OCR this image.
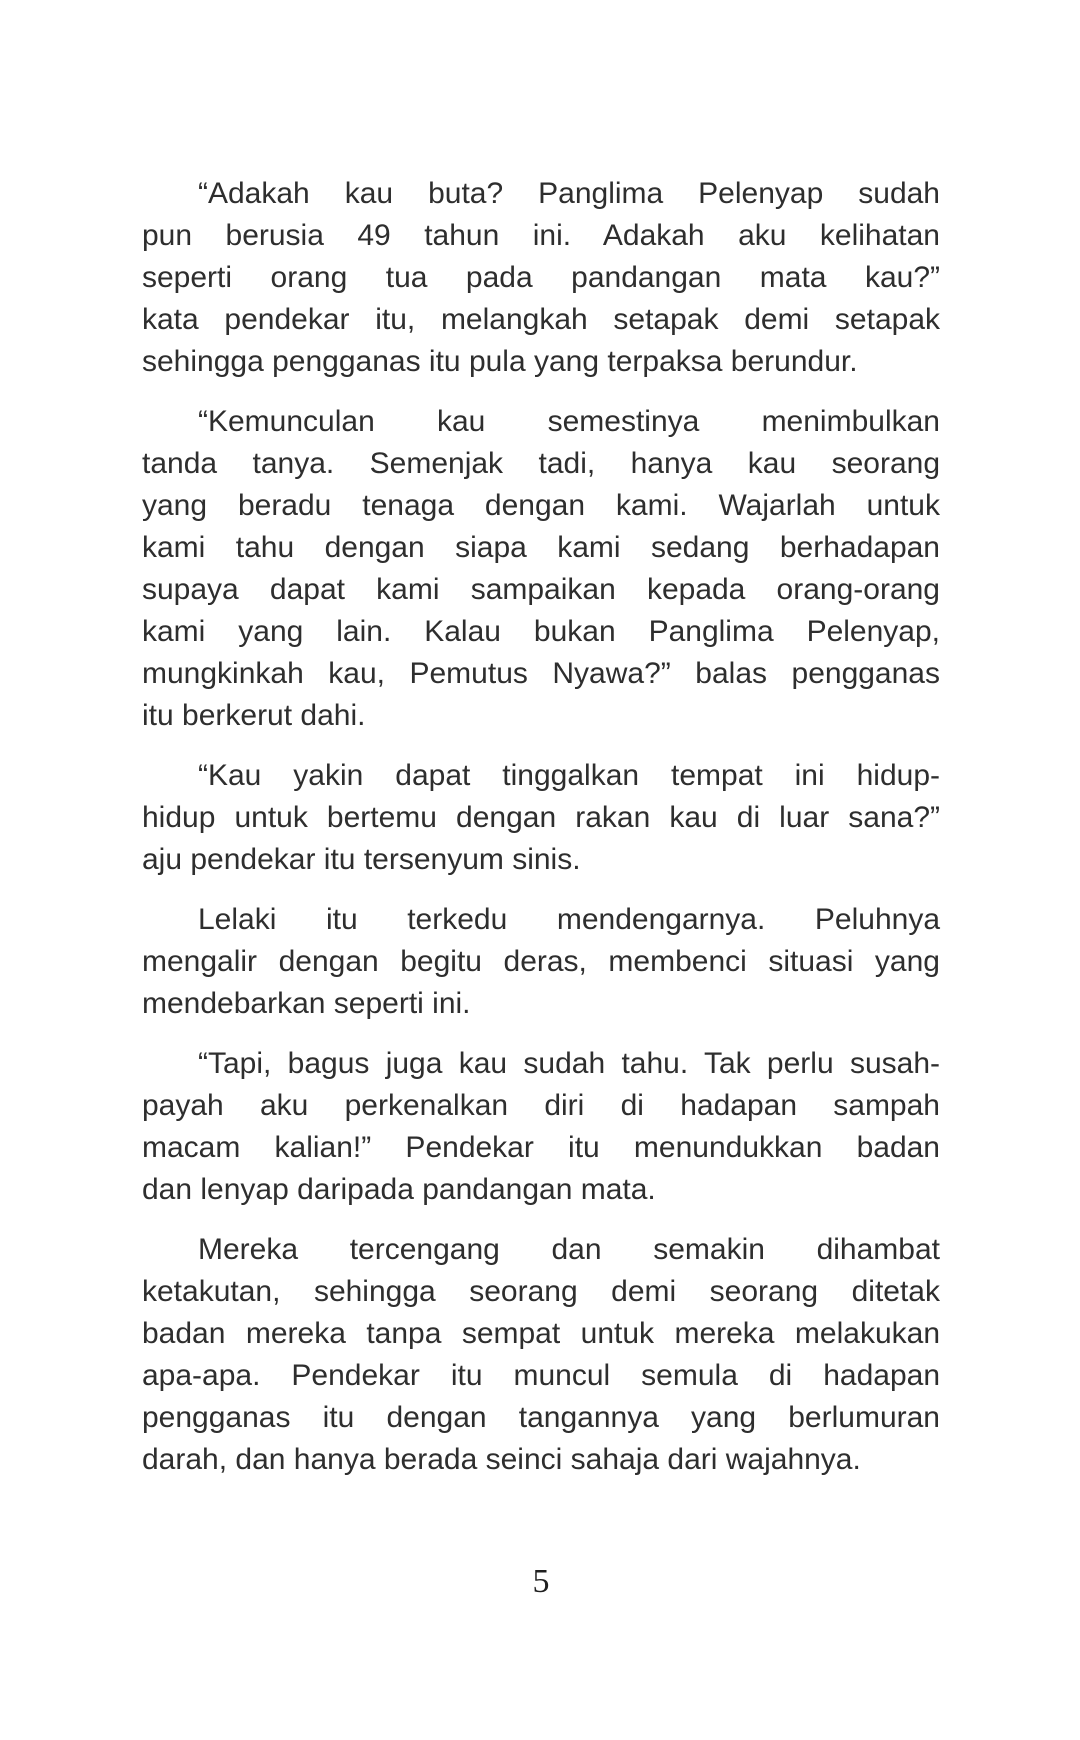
“Adakah kau buta? Panglima Pelenyap sudah
pun berusia 49 tahun ini. Adakah aku kelihatan
seperti orang tua pada pandangan mata kau?”
kata pendekar itu, melangkah setapak demi setapak
sehingga pengganas itu pula yang terpaksa berundur.
“Kemunculan kau semestinya menimbulkan
tanda tanya. Semenjak tadi, hanya kau seorang
yang beradu tenaga dengan kami. Wajarlah untuk
kami tahu dengan siapa kami sedang berhadapan
supaya dapat kami sampaikan kepada orang-orang
kami yang lain. Kalau bukan Panglima Pelenyap,
mungkinkah kau, Pemutus Nyawa?” balas pengganas
itu berkerut dahi.
“Kau yakin dapat tinggalkan tempat ini hidup-
hidup untuk bertemu dengan rakan kau di luar sana?”
aju pendekar itu tersenyum sinis.
Lelaki itu terkedu mendengarnya. Peluhnya
mengalir dengan begitu deras, membenci situasi yang
mendebarkan seperti ini.
“Tapi, bagus juga kau sudah tahu. Tak perlu susah-
payah aku perkenalkan diri di hadapan sampah
macam kalian!” Pendekar itu menundukkan badan
dan lenyap daripada pandangan mata.
Mereka tercengang dan semakin dihambat
ketakutan, sehingga seorang demi seorang ditetak
badan mereka tanpa sempat untuk mereka melakukan
apa-apa. Pendekar itu muncul semula di hadapan
pengganas itu dengan tangannya yang berlumuran
darah, dan hanya berada seinci sahaja dari wajahnya.
5
